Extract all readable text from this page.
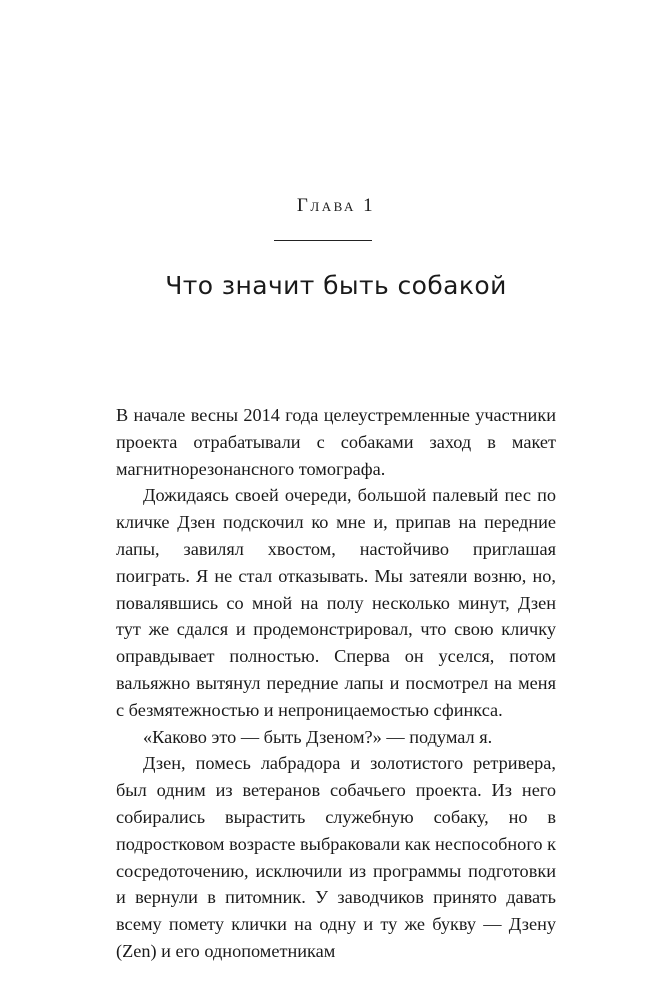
Глава 1
Что значит быть собакой

В начале весны 2014 года целеустремленные участники проекта отрабатывали с собаками заход в макет магнитнорезонансного томографа.

Дожидаясь своей очереди, большой палевый пес по кличке Дзен подскочил ко мне и, припав на передние лапы, завилял хвостом, настойчиво приглашая поиграть. Я не стал отказывать. Мы затеяли возню, но, повалявшись со мной на полу несколько минут, Дзен тут же сдался и продемонстрировал, что свою кличку оправдывает полностью. Сперва он уселся, потом вальяжно вытянул передние лапы и посмотрел на меня с безмятежностью и непроницаемостью сфинкса.

«Каково это — быть Дзеном?» — подумал я.

Дзен, помесь лабрадора и золотистого ретривера, был одним из ветеранов собачьего проекта. Из него собирались вырастить служебную собаку, но в подростковом возрасте выбраковали как неспособного к сосредоточению, исключили из программы подготовки и вернули в питомник. У заводчиков принято давать всему помету клички на одну и ту же букву — Дзену (Zen) и его однопометникам
